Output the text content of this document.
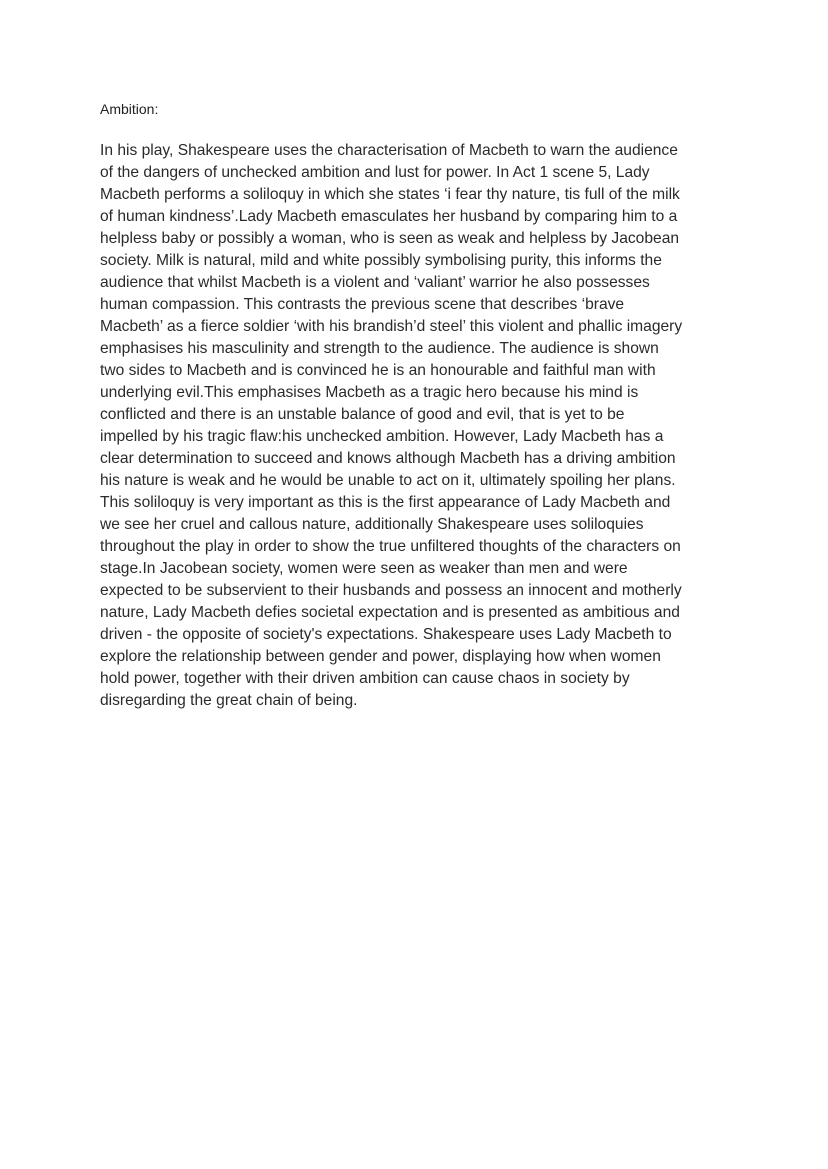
Ambition:

In his play, Shakespeare uses the characterisation of Macbeth to warn the audience
of the dangers of unchecked ambition and lust for power. In Act 1 scene 5, Lady
Macbeth performs a soliloquy in which she states ‘i fear thy nature, tis full of the milk
of human kindness’.Lady Macbeth emasculates her husband by comparing him to a
helpless baby or possibly a woman, who is seen as weak and helpless by Jacobean
society. Milk is natural, mild and white possibly symbolising purity, this informs the
audience that whilst Macbeth is a violent and ‘valiant’ warrior he also possesses
human compassion. This contrasts the previous scene that describes ‘brave
Macbeth’ as a fierce soldier ‘with his brandish’d steel’ this violent and phallic imagery
emphasises his masculinity and strength to the audience. The audience is shown
two sides to Macbeth and is convinced he is an honourable and faithful man with
underlying evil.This emphasises Macbeth as a tragic hero because his mind is
conflicted and there is an unstable balance of good and evil, that is yet to be
impelled by his tragic flaw:his unchecked ambition. However, Lady Macbeth has a
clear determination to succeed and knows although Macbeth has a driving ambition
his nature is weak and he would be unable to act on it, ultimately spoiling her plans.
This soliloquy is very important as this is the first appearance of Lady Macbeth and
we see her cruel and callous nature, additionally Shakespeare uses soliloquies
throughout the play in order to show the true unfiltered thoughts of the characters on
stage.In Jacobean society, women were seen as weaker than men and were
expected to be subservient to their husbands and possess an innocent and motherly
nature, Lady Macbeth defies societal expectation and is presented as ambitious and
driven - the opposite of society's expectations. Shakespeare uses Lady Macbeth to
explore the relationship between gender and power, displaying how when women
hold power, together with their driven ambition can cause chaos in society by
disregarding the great chain of being.
